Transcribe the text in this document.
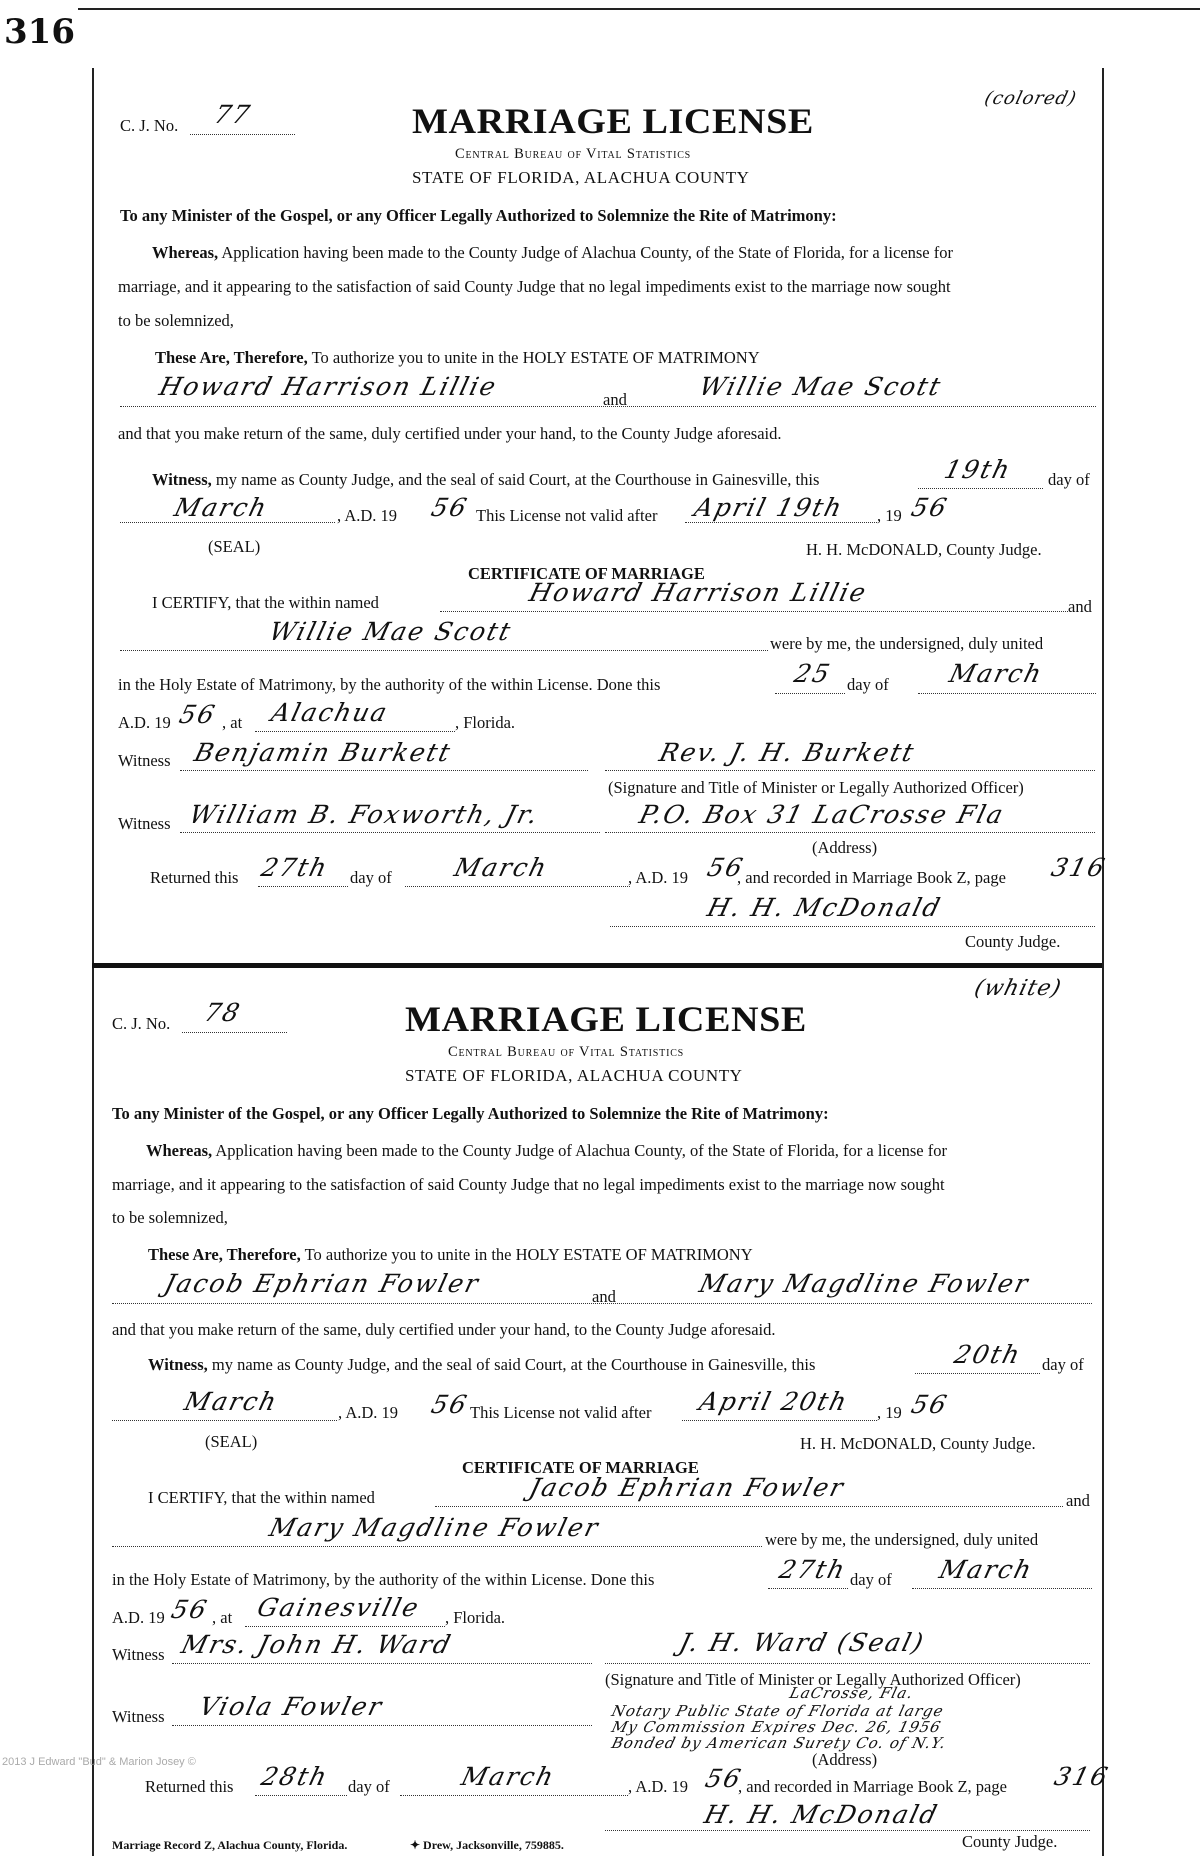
316
C. J. No. 77	MARRIAGE LICENSE
(colored)
Central Bureau of Vital Statistics
STATE OF FLORIDA, ALACHUA COUNTY
To any Minister of the Gospel, or any Officer Legally Authorized to Solemnize the Rite of Matrimony:
Whereas, Application having been made to the County Judge of Alachua County, of the State of Florida, for a license for
marriage, and it appearing to the satisfaction of said County Judge that no legal impediments exist to the marriage now sought
to be solemnized,
These Are, Therefore, To authorize you to unite in the HOLY ESTATE OF MATRIMONY
Howard Harrison Lillie	and	Willie Mae Scott
and that you make return of the same, duly certified under your hand, to the County Judge aforesaid.
Witness, my name as County Judge, and the seal of said Court, at the Courthouse in Gainesville, this	19th day of
March	, A.D. 19 56 This License not valid after April 19th , 19 56
(SEAL)	H. H. McDONALD, County Judge.
CERTIFICATE OF MARRIAGE
I CERTIFY, that the within named	Howard Harrison Lillie	and
Willie Mae Scott	were by me, the undersigned, duly united
in the Holy Estate of Matrimony, by the authority of the within License. Done this	25 day of March
A.D. 19 56 , at Alachua	, Florida.
Witness Benjamin Burkett	Rev. J. H. Burkett
(Signature and Title of Minister or Legally Authorized Officer)
Witness William B. Foxworth, Jr.	P.O. Box 31 LaCrosse Fla
(Address)
Returned this 27th day of March	, A.D. 19 56
, and recorded in Marriage Book Z, page 316
H. H. McDonald
County Judge.
C. J. No. 78	MARRIAGE LICENSE
(white)
Central Bureau of Vital Statistics
STATE OF FLORIDA, ALACHUA COUNTY
To any Minister of the Gospel, or any Officer Legally Authorized to Solemnize the Rite of Matrimony:
Whereas, Application having been made to the County Judge of Alachua County, of the State of Florida, for a license for
marriage, and it appearing to the satisfaction of said County Judge that no legal impediments exist to the marriage now sought
to be solemnized,
These Are, Therefore, To authorize you to unite in the HOLY ESTATE OF MATRIMONY
Jacob Ephrian Fowler	and	Mary Magdline Fowler
and that you make return of the same, duly certified under your hand, to the County Judge aforesaid.
Witness, my name as County Judge, and the seal of said Court, at the Courthouse in Gainesville, this	20th day of
March	, A.D. 19 56
This License not valid after April 20th , 19 56
(SEAL)	H. H. McDONALD, County Judge.
CERTIFICATE OF MARRIAGE
I CERTIFY, that the within named	Jacob Ephrian Fowler	and
Mary Magdline Fowler	were by me, the undersigned, duly united
in the Holy Estate of Matrimony, by the authority of the within License. Done this	27th day of March
A.D. 19 56 , at Gainesville , Florida.
Witness Mrs. John H. Ward	J. H. Ward (Seal)
(Signature and Title of Minister or Legally Authorized Officer)
LaCrosse, Fla.
Notary Public State of Florida at large
My Commission Expires Dec. 26, 1956
Bonded by American Surety Co. of N.Y.
Witness Viola Fowler
(Address)
Returned this 28th day of	March	, A.D. 19 56
, and recorded in Marriage Book Z, page 316
H. H. McDonald
County Judge.
Marriage Record Z, Alachua County, Florida.	✦ Drew, Jacksonville, 759885.
2013 J Edward "Bud" & Marion Josey ©
